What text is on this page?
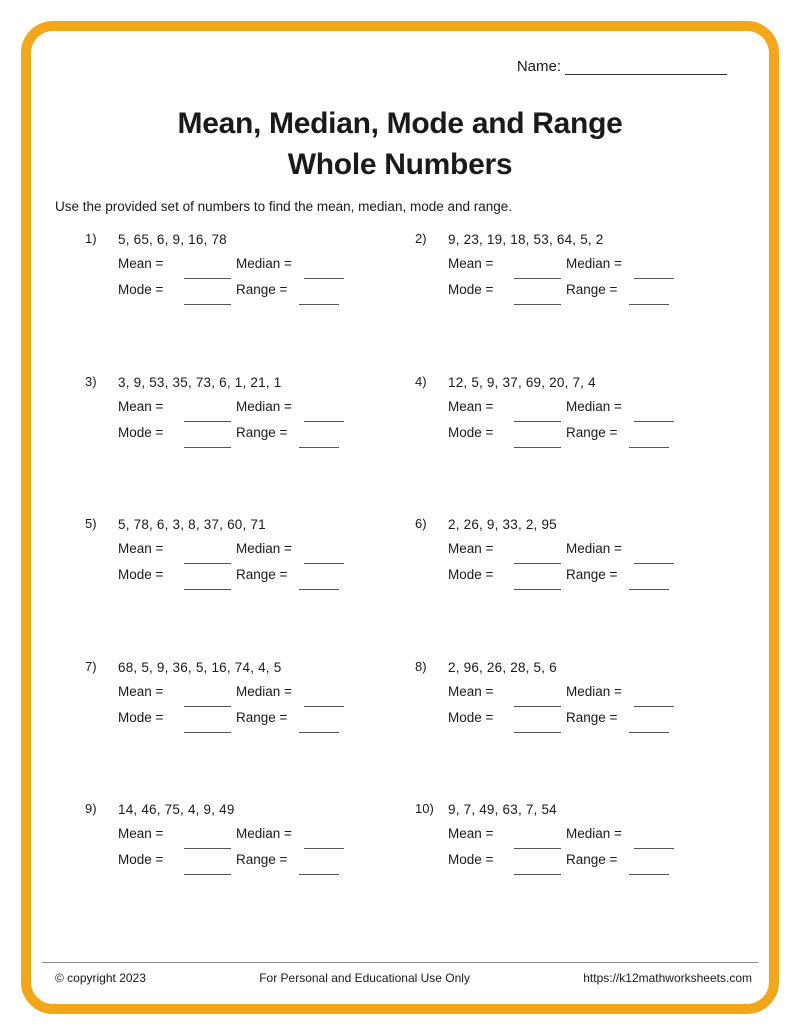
Name:
Mean, Median, Mode and Range
Whole Numbers
Use the provided set of numbers to find the mean, median, mode and range.
1)	5, 65, 6, 9, 16, 78
Mean =	Median =
Mode =	Range =
2)	9, 23, 19, 18, 53, 64, 5, 2
Mean =	Median =
Mode =	Range =
3)	3, 9, 53, 35, 73, 6, 1, 21, 1
Mean =	Median =
Mode =	Range =
4)	12, 5, 9, 37, 69, 20, 7, 4
Mean =	Median =
Mode =	Range =
5)	5, 78, 6, 3, 8, 37, 60, 71
Mean =	Median =
Mode =	Range =
6)	2, 26, 9, 33, 2, 95
Mean =	Median =
Mode =	Range =
7)	68, 5, 9, 36, 5, 16, 74, 4, 5
Mean =	Median =
Mode =	Range =
8)	2, 96, 26, 28, 5, 6
Mean =	Median =
Mode =	Range =
9)	14, 46, 75, 4, 9, 49
Mean =	Median =
Mode =	Range =
10)	9, 7, 49, 63, 7, 54
Mean =	Median =
Mode =	Range =
© copyright 2023	For Personal and Educational Use Only	https://k12mathworksheets.com
